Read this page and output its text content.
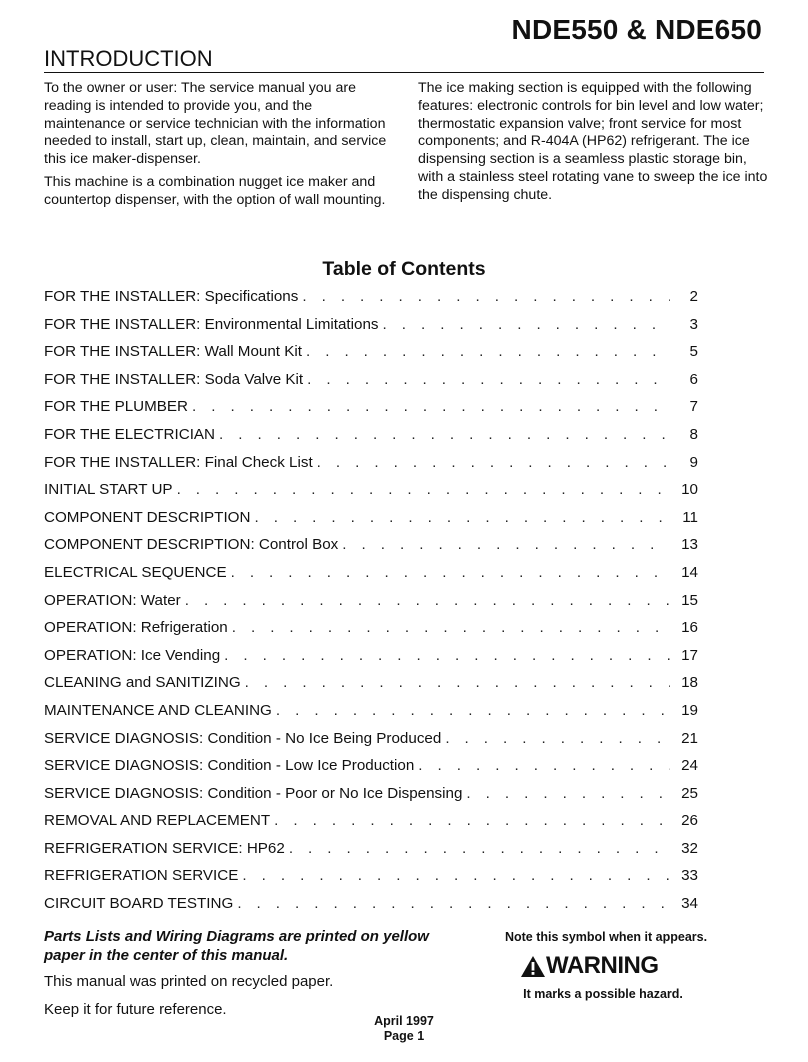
NDE550 & NDE650
INTRODUCTION

To the owner or user: The service manual you are reading is intended to provide you, and the maintenance or service technician with the information needed to install, start up, clean, maintain, and service this ice maker-dispenser.

This machine is a combination nugget ice maker and countertop dispenser, with the option of wall mounting.

The ice making section is equipped with the following features: electronic controls for bin level and low water; thermostatic expansion valve; front service for most components; and R-404A (HP62) refrigerant. The ice dispensing section is a seamless plastic storage bin, with a stainless steel rotating vane to sweep the ice into the dispensing chute.

Table of Contents
FOR THE INSTALLER: Specifications . . .	2
FOR THE INSTALLER: Environmental Limitations . . .	3
FOR THE INSTALLER: Wall Mount Kit . . .	5
FOR THE INSTALLER: Soda Valve Kit . . .	6
FOR THE PLUMBER . . .	7
FOR THE ELECTRICIAN . . .	8
FOR THE INSTALLER: Final Check List . . .	9
INITIAL START UP . . .	10
COMPONENT DESCRIPTION . . .	11
COMPONENT DESCRIPTION: Control Box . . .	13
ELECTRICAL SEQUENCE . . .	14
OPERATION: Water . . .	15
OPERATION: Refrigeration . . .	16
OPERATION: Ice Vending . . .	17
CLEANING and SANITIZING . . .	18
MAINTENANCE AND CLEANING . . .	19
SERVICE DIAGNOSIS: Condition - No Ice Being Produced . . .	21
SERVICE DIAGNOSIS: Condition - Low Ice Production . . .	24
SERVICE DIAGNOSIS: Condition - Poor or No Ice Dispensing . . .	25
REMOVAL AND REPLACEMENT . . .	26
REFRIGERATION SERVICE: HP62 . . .	32
REFRIGERATION SERVICE . . .	33
CIRCUIT BOARD TESTING . . .	34
Parts Lists and Wiring Diagrams are printed on yellow paper in the center of this manual.
This manual was printed on recycled paper.
Keep it for future reference.
Note this symbol when it appears.
WARNING
It marks a possible hazard.
April 1997
Page 1
